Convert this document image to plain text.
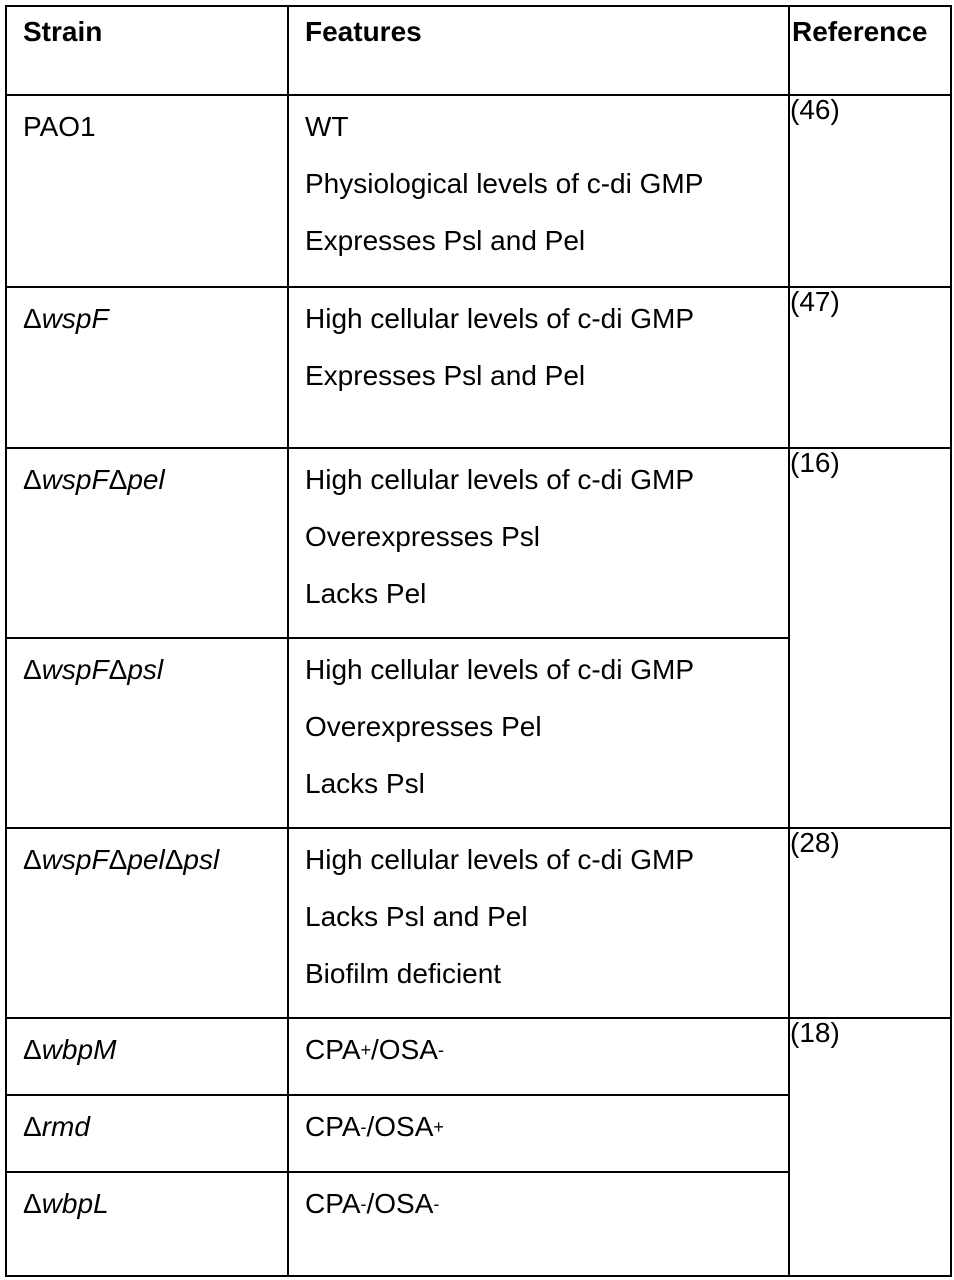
Strain	Features	Reference

PAO1	WT
Physiological levels of c-di GMP
Expresses Psl and Pel	(46)

ΔwspF	High cellular levels of c-di GMP
Expresses Psl and Pel	(47)

ΔwspFΔpel	High cellular levels of c-di GMP
Overexpresses Psl
Lacks Pel	(16)

ΔwspFΔpsl	High cellular levels of c-di GMP
Overexpresses Pel
Lacks Psl	

ΔwspFΔpelΔpsl	High cellular levels of c-di GMP
Lacks Psl and Pel
Biofilm deficient	(28)

ΔwbpM	CPA+/OSA-	(18)

Δrmd	CPA-/OSA+

ΔwbpL	CPA-/OSA-
